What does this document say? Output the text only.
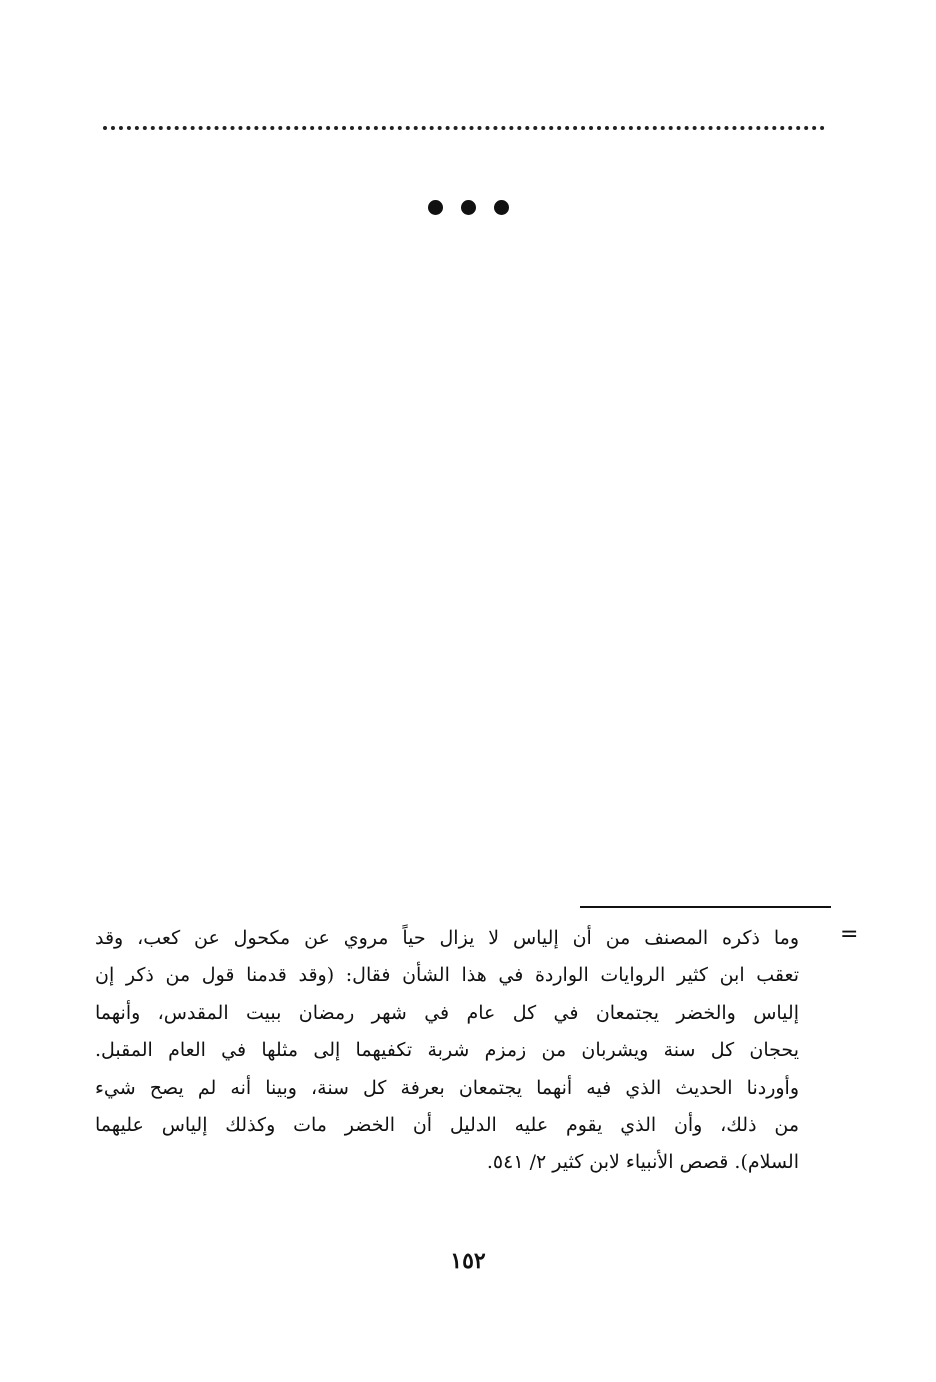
=
وما ذكره المصنف من أن إلياس لا يزال حياً مروي عن مكحول عن كعب، وقد
تعقب ابن كثير الروايات الواردة في هذا الشأن فقال: (وقد قدمنا قول من ذكر إن
إلياس والخضر يجتمعان في كل عام في شهر رمضان ببيت المقدس، وأنهما
يحجان كل سنة ويشربان من زمزم شربة تكفيهما إلى مثلها في العام المقبل.
وأوردنا الحديث الذي فيه أنهما يجتمعان بعرفة كل سنة، وبينا أنه لم يصح شيء
من ذلك، وأن الذي يقوم عليه الدليل أن الخضر مات وكذلك إلياس عليهما
السلام). قصص الأنبياء لابن كثير ٢/ ٥٤١.
١٥٢
